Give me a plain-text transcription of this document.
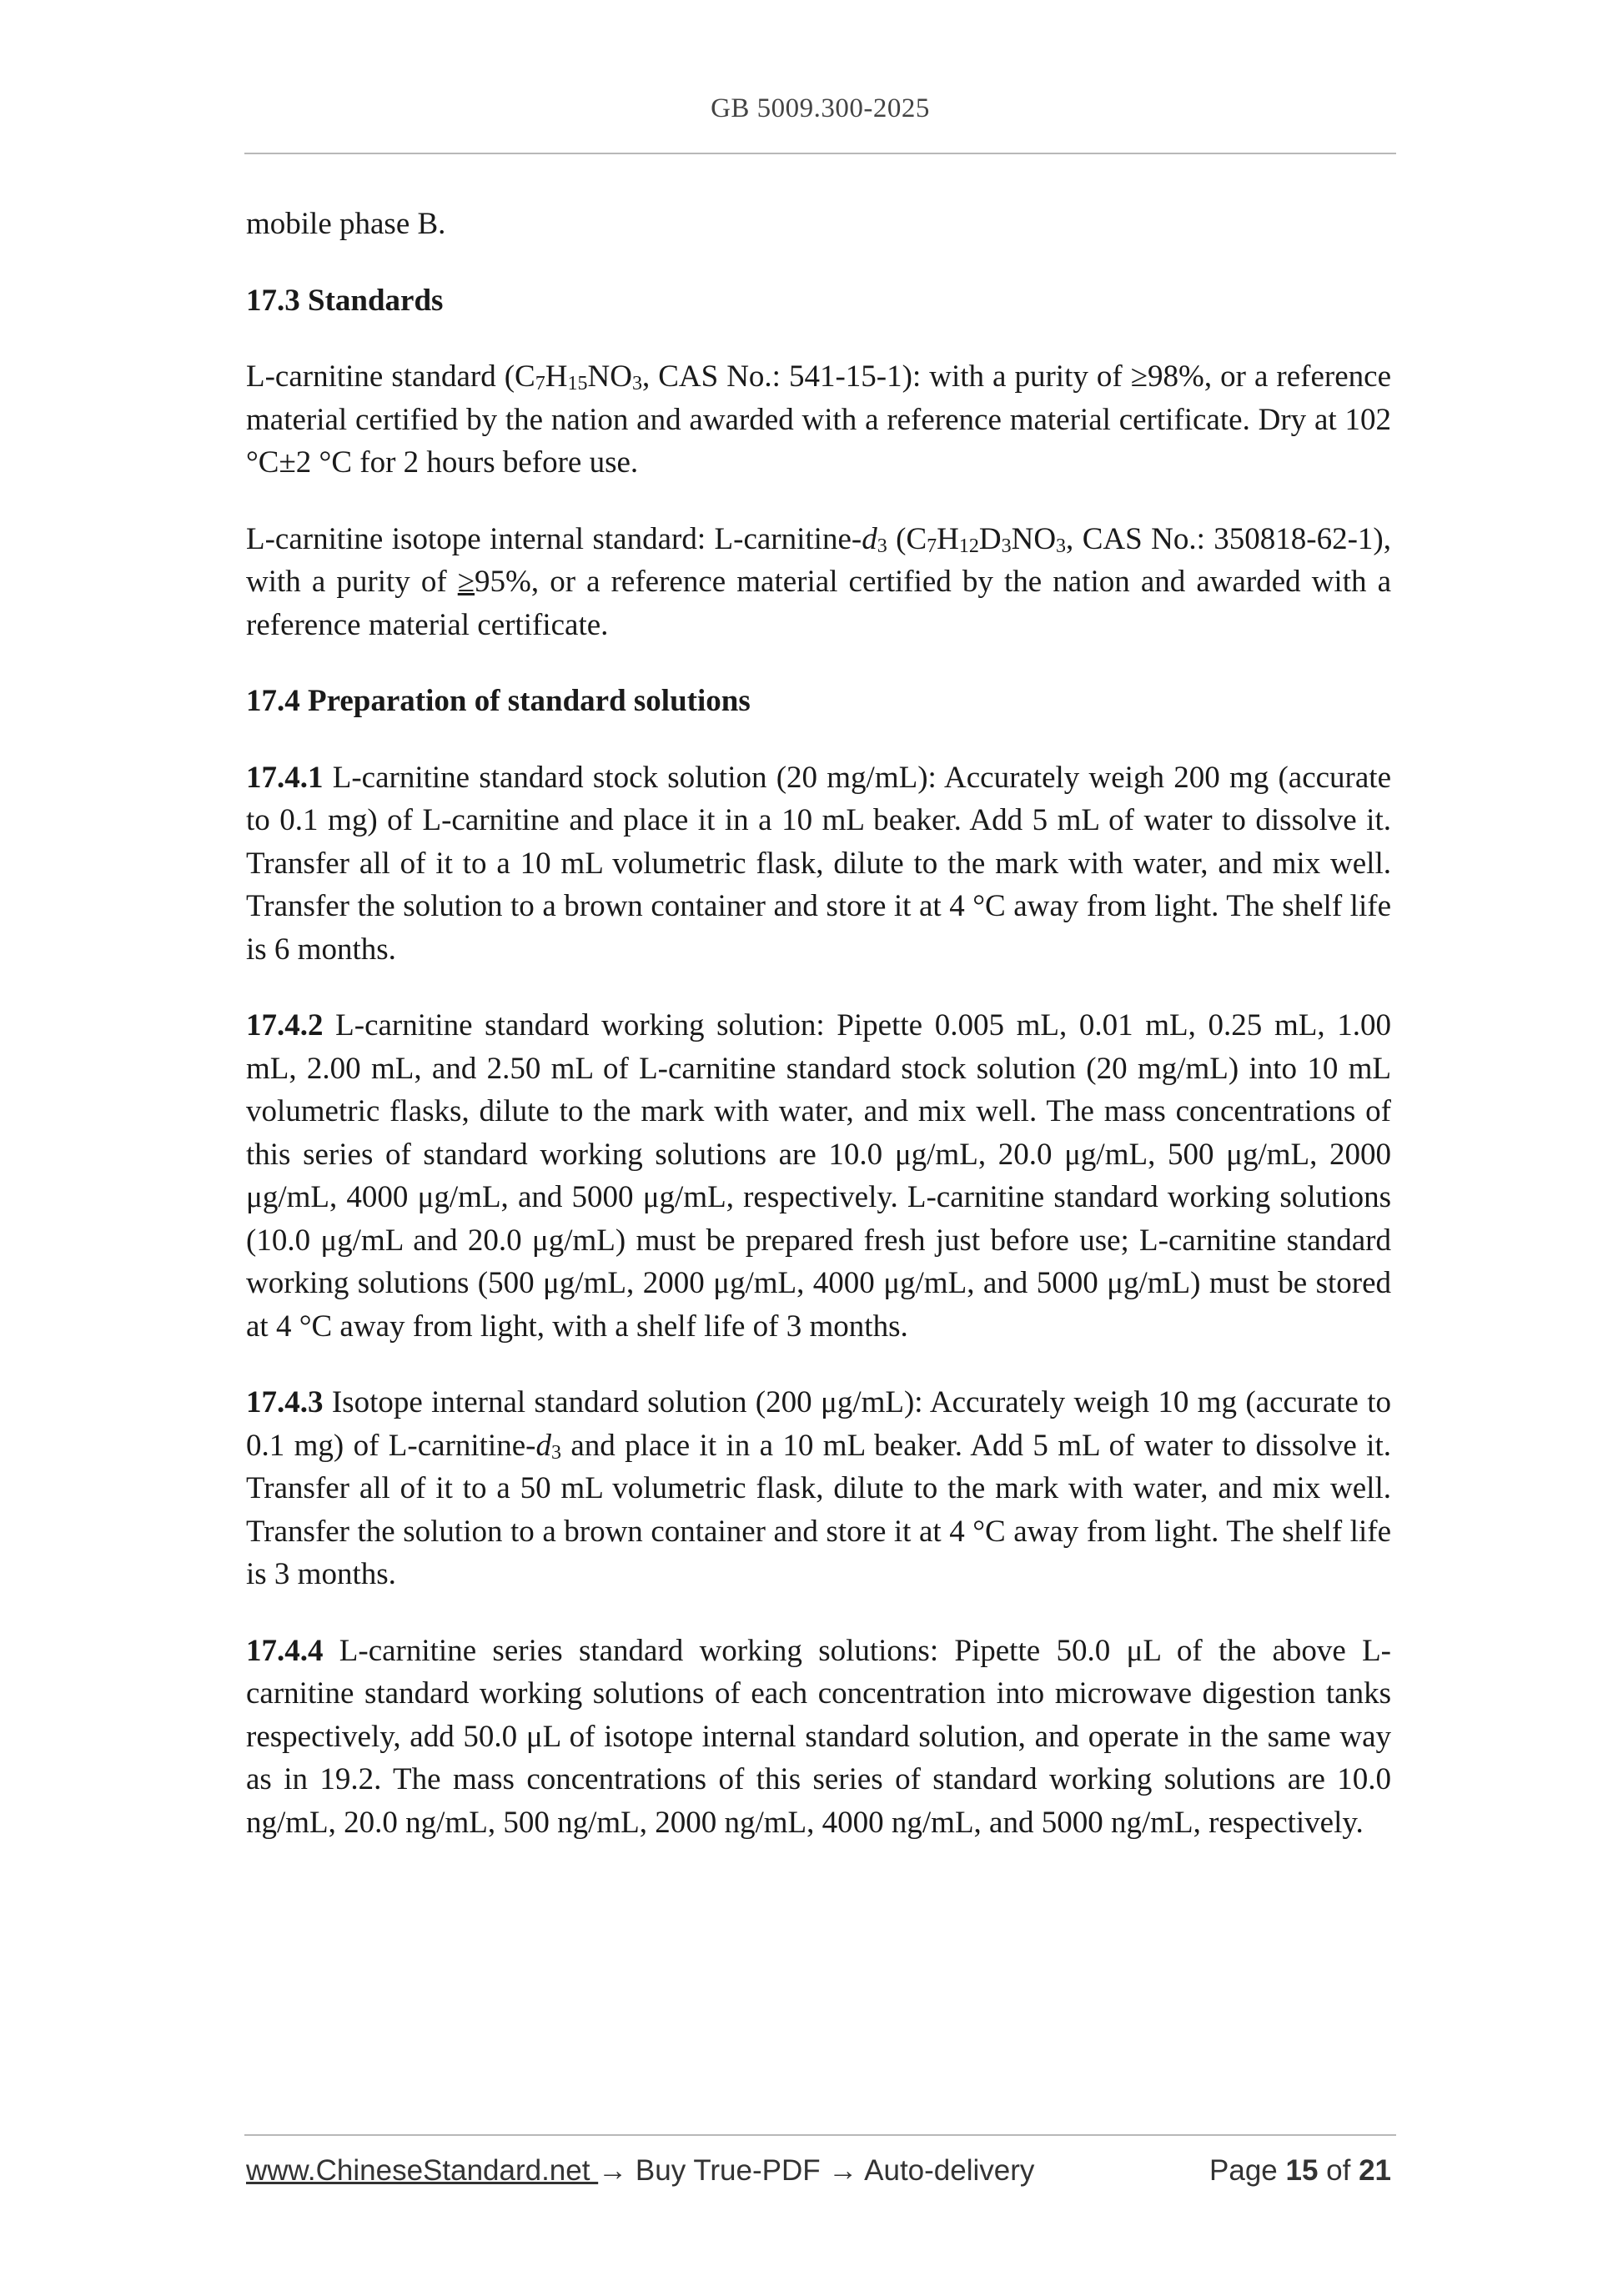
GB 5009.300-2025

mobile phase B.

17.3 Standards

L-carnitine standard ($C_7H_{15}NO_3$, CAS No.: 541-15-1): with a purity of ≥98%, or a reference material certified by the nation and awarded with a reference material certificate. Dry at 102 °C±2 °C for 2 hours before use.

L-carnitine isotope internal standard: $L-carnitine-d_3$ ($C_7H_{12}D_3NO_3$, CAS No.: 350818-62-1), with a purity of ≥95%, or a reference material certified by the nation and awarded with a reference material certificate.

17.4 Preparation of standard solutions

17.4.1 L-carnitine standard stock solution (20 mg/mL): Accurately weigh 200 mg (accurate to 0.1 mg) of L-carnitine and place it in a 10 mL beaker. Add 5 mL of water to dissolve it. Transfer all of it to a 10 mL volumetric flask, dilute to the mark with water, and mix well. Transfer the solution to a brown container and store it at 4 °C away from light. The shelf life is 6 months.

17.4.2 L-carnitine standard working solution: Pipette 0.005 mL, 0.01 mL, 0.25 mL, 1.00 mL, 2.00 mL, and 2.50 mL of L-carnitine standard stock solution (20 mg/mL) into 10 mL volumetric flasks, dilute to the mark with water, and mix well. The mass concentrations of this series of standard working solutions are 10.0 μg/mL, 20.0 μg/mL, 500 μg/mL, 2000 μg/mL, 4000 μg/mL, and 5000 μg/mL, respectively. L-carnitine standard working solutions (10.0 μg/mL and 20.0 μg/mL) must be prepared fresh just before use; L-carnitine standard working solutions (500 μg/mL, 2000 μg/mL, 4000 μg/mL, and 5000 μg/mL) must be stored at 4 °C away from light, with a shelf life of 3 months.

17.4.3 Isotope internal standard solution (200 μg/mL): Accurately weigh 10 mg (accurate to 0.1 mg) of $L-carnitine-d_3$ and place it in a 10 mL beaker. Add 5 mL of water to dissolve it. Transfer all of it to a 50 mL volumetric flask, dilute to the mark with water, and mix well. Transfer the solution to a brown container and store it at 4 °C away from light. The shelf life is 3 months.

17.4.4 L-carnitine series standard working solutions: Pipette 50.0 μL of the above L-carnitine standard working solutions of each concentration into microwave digestion tanks respectively, add 50.0 μL of isotope internal standard solution, and operate in the same way as in 19.2. The mass concentrations of this series of standard working solutions are 10.0 ng/mL, 20.0 ng/mL, 500 ng/mL, 2000 ng/mL, 4000 ng/mL, and 5000 ng/mL, respectively.

www.ChineseStandard.net → Buy True-PDF → Auto-delivery	Page 15 of 21
